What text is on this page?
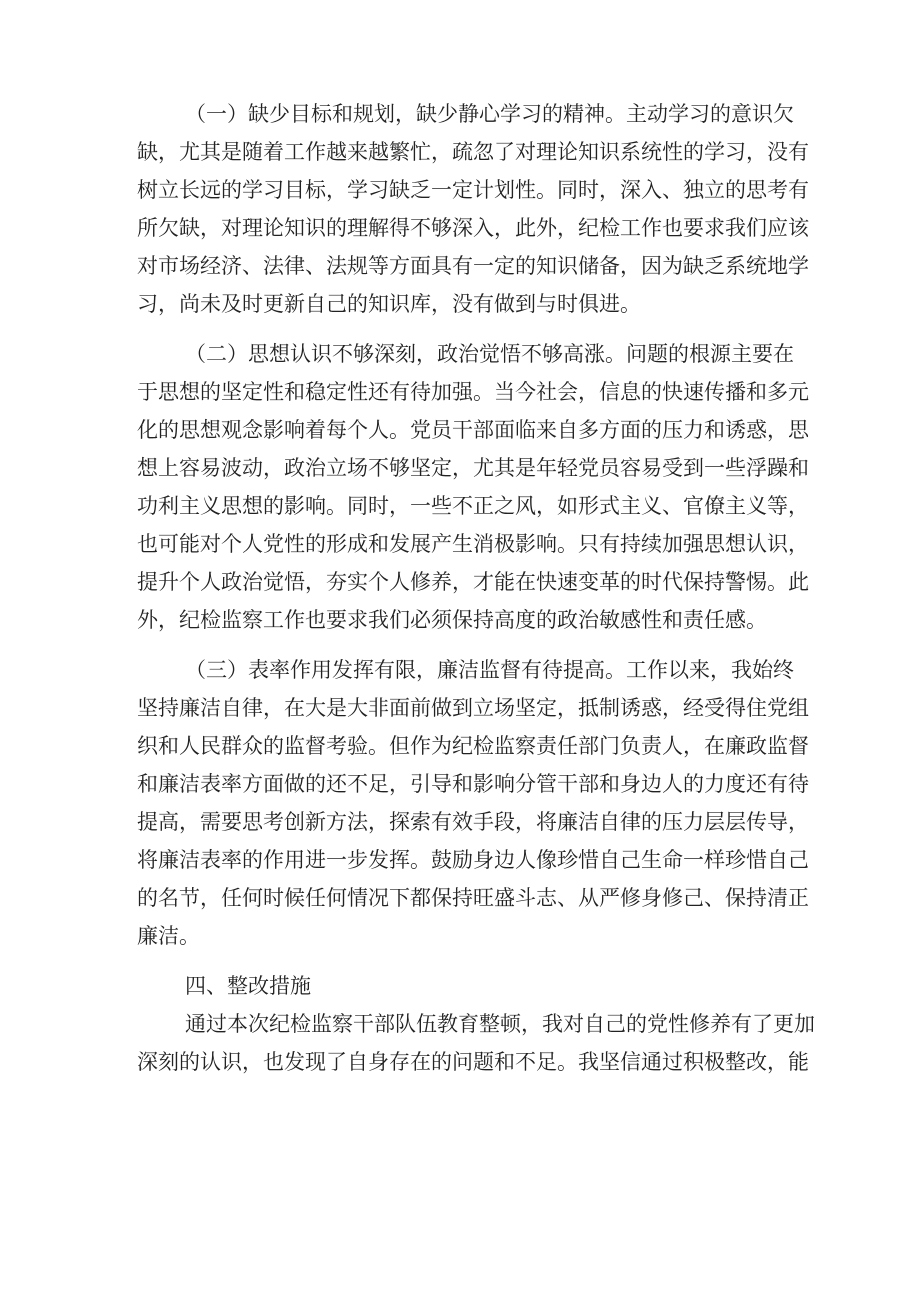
（一）缺少目标和规划，缺少静心学习的精神。主动学习的意识欠
缺，尤其是随着工作越来越繁忙，疏忽了对理论知识系统性的学习，没有
树立长远的学习目标，学习缺乏一定计划性。同时，深入、独立的思考有
所欠缺，对理论知识的理解得不够深入，此外，纪检工作也要求我们应该
对市场经济、法律、法规等方面具有一定的知识储备，因为缺乏系统地学
习，尚未及时更新自己的知识库，没有做到与时俱进。
（二）思想认识不够深刻，政治觉悟不够高涨。问题的根源主要在
于思想的坚定性和稳定性还有待加强。当今社会，信息的快速传播和多元
化的思想观念影响着每个人。党员干部面临来自多方面的压力和诱惑，思
想上容易波动，政治立场不够坚定，尤其是年轻党员容易受到一些浮躁和
功利主义思想的影响。同时，一些不正之风，如形式主义、官僚主义等，
也可能对个人党性的形成和发展产生消极影响。只有持续加强思想认识，
提升个人政治觉悟，夯实个人修养，才能在快速变革的时代保持警惕。此
外，纪检监察工作也要求我们必须保持高度的政治敏感性和责任感。
（三）表率作用发挥有限，廉洁监督有待提高。工作以来，我始终
坚持廉洁自律，在大是大非面前做到立场坚定，抵制诱惑，经受得住党组
织和人民群众的监督考验。但作为纪检监察责任部门负责人，在廉政监督
和廉洁表率方面做的还不足，引导和影响分管干部和身边人的力度还有待
提高，需要思考创新方法，探索有效手段，将廉洁自律的压力层层传导，
将廉洁表率的作用进一步发挥。鼓励身边人像珍惜自己生命一样珍惜自己
的名节，任何时候任何情况下都保持旺盛斗志、从严修身修己、保持清正
廉洁。
四、整改措施
通过本次纪检监察干部队伍教育整顿，我对自己的党性修养有了更加
深刻的认识，也发现了自身存在的问题和不足。我坚信通过积极整改，能
